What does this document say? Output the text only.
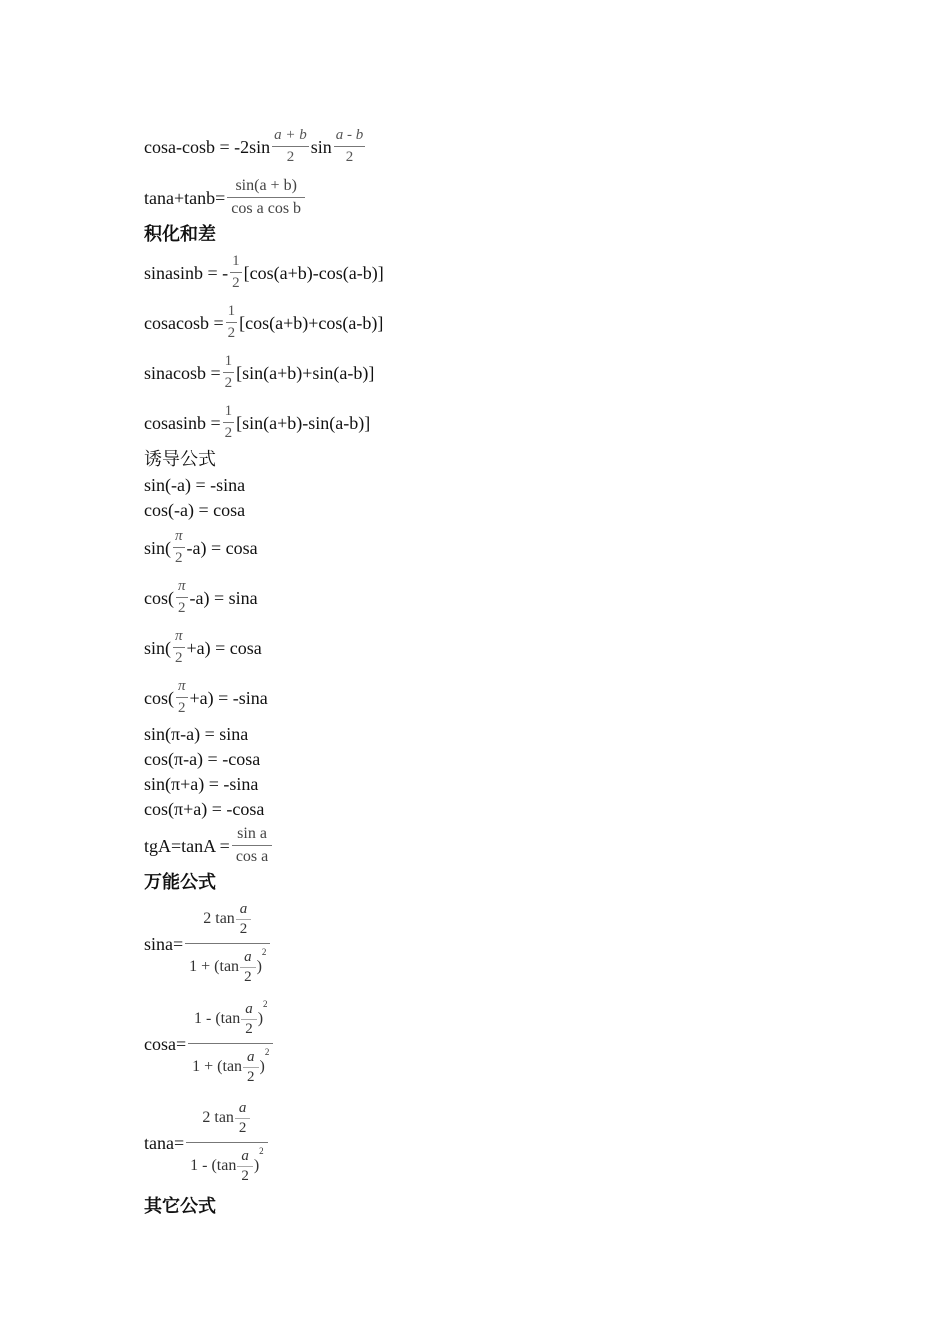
cosa-cosb = -2sin
a + b
2
sin
a - b
2
$\tan a+\tan b= \frac{\sin(a + b)}{\text{cos a cos b}}$
积化和差
sinasinb = -
1
2
[cos(a+b)-cos(a-b)]
cosacosb = $\frac{1}{2} [\cos(a+b)+\cos(a-b)]$
sinacosb = $\frac{1}{2} [\sin(a+b)+\sin(a-b)]$
cosasinb = $\frac{1}{2} [\sin(a+b)-\sin(a-b)]$
诱导公式
sin(-a) = -sina
cos(-a) = cosa
sin(
π
2
-a) = cosa
cos(
π
2
-a) = sina
sin(
π
2
+a) = cosa
cos(
π
2
+a) = -sina
sin(π-a) = sina
cos(π-a) = -cosa
sin(π+a) = -sina
cos(π+a) = -cosa
$tgA=\tan A = \frac{\text{sin a}}{\text{cos a}}$
万能公式
$\sin a= \frac{2 \tan \frac{a}{2}}{1 + (\tan \frac{a}{2} )^2}$
$\cos a= \frac{1 - (\tan \frac{a}{2} )^2}{1 + (\tan \frac{a}{2} )^2}$
$\tan a= \frac{2 \tan \frac{a}{2}}{1 - (\tan \frac{a}{2} )^2}$
其它公式
